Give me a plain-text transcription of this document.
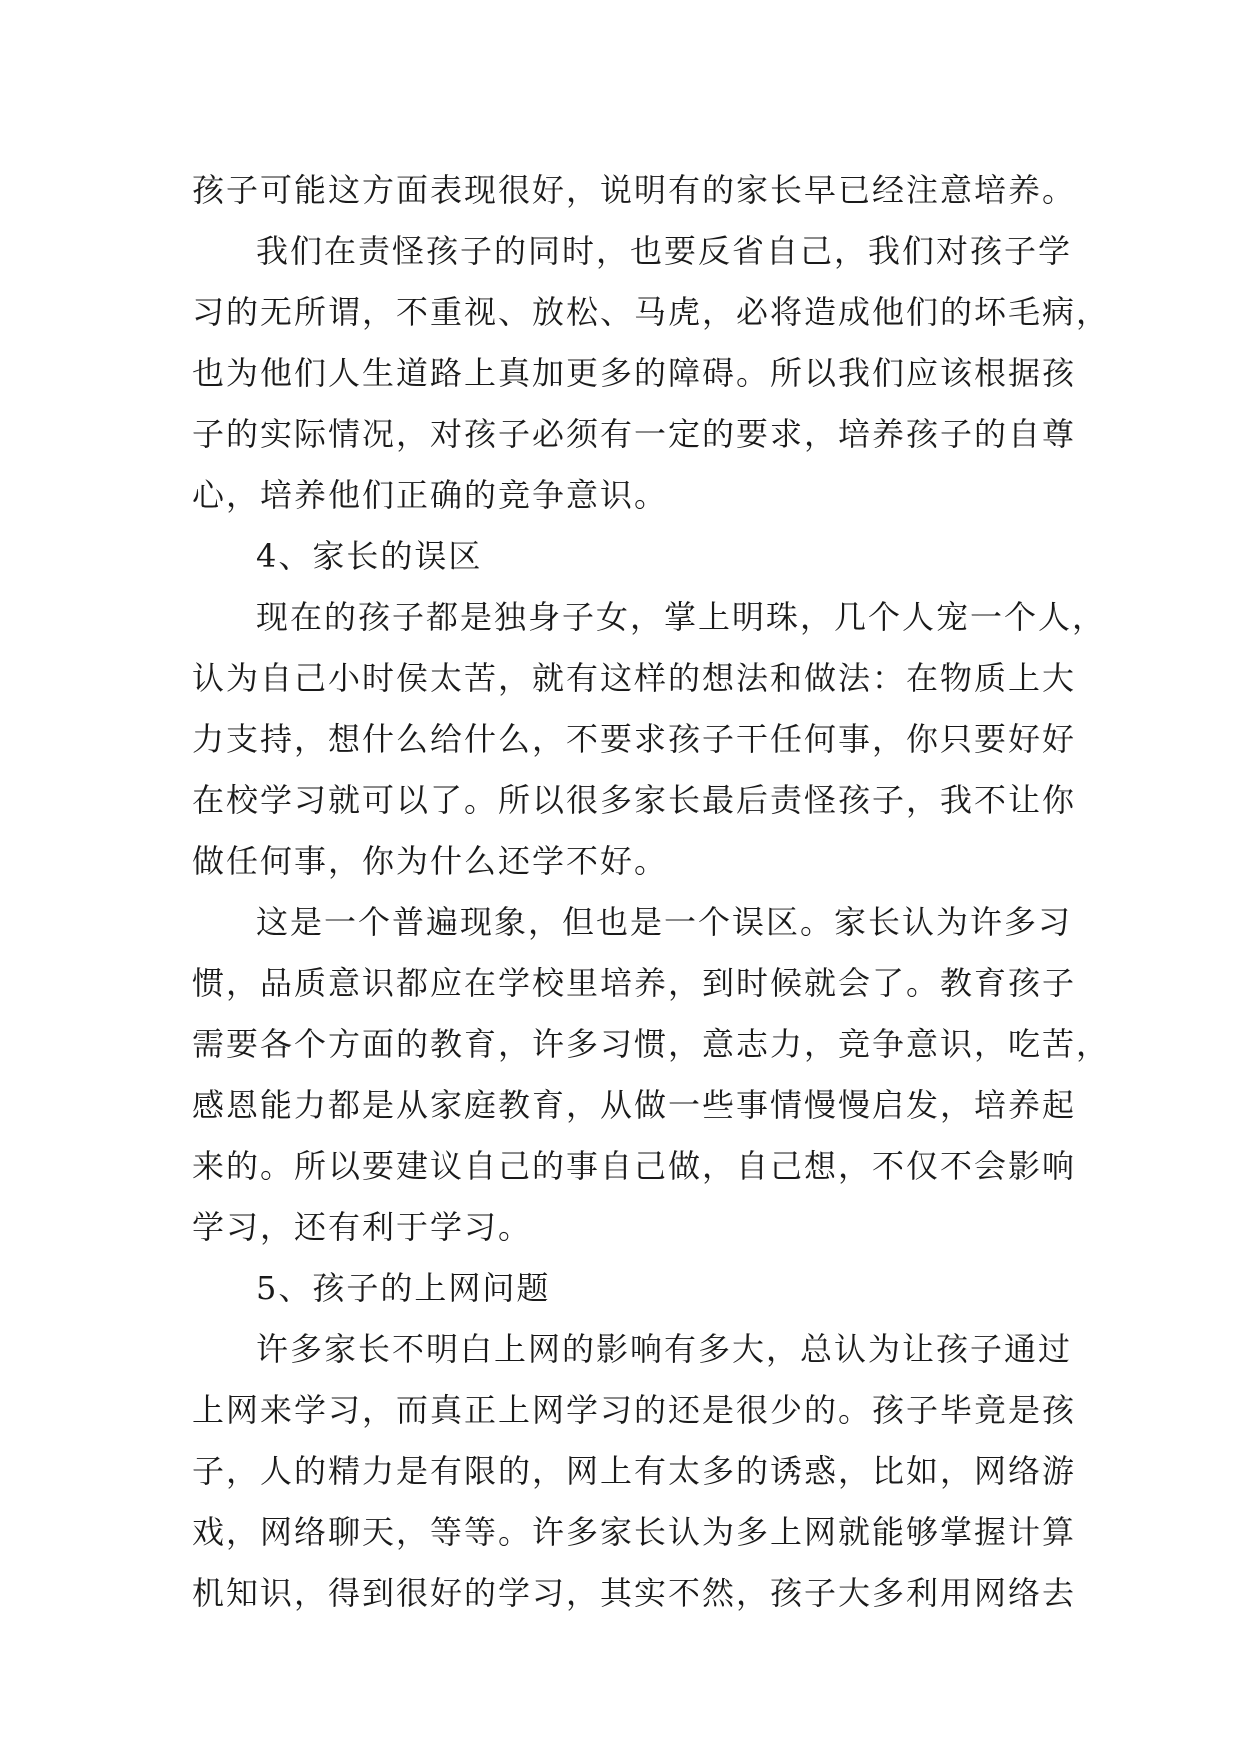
孩子可能这方面表现很好，说明有的家长早已经注意培养。
我们在责怪孩子的同时，也要反省自己，我们对孩子学
习的无所谓，不重视、放松、马虎，必将造成他们的坏毛病，
也为他们人生道路上真加更多的障碍。所以我们应该根据孩
子的实际情况，对孩子必须有一定的要求，培养孩子的自尊
心，培养他们正确的竞争意识。
4、家长的误区
现在的孩子都是独身子女，掌上明珠，几个人宠一个人，
认为自己小时侯太苦，就有这样的想法和做法：在物质上大
力支持，想什么给什么，不要求孩子干任何事，你只要好好
在校学习就可以了。所以很多家长最后责怪孩子，我不让你
做任何事，你为什么还学不好。
这是一个普遍现象，但也是一个误区。家长认为许多习
惯，品质意识都应在学校里培养，到时候就会了。教育孩子
需要各个方面的教育，许多习惯，意志力，竞争意识，吃苦，
感恩能力都是从家庭教育，从做一些事情慢慢启发，培养起
来的。所以要建议自己的事自己做，自己想，不仅不会影响
学习，还有利于学习。
5、孩子的上网问题
许多家长不明白上网的影响有多大，总认为让孩子通过
上网来学习，而真正上网学习的还是很少的。孩子毕竟是孩
子，人的精力是有限的，网上有太多的诱惑，比如，网络游
戏，网络聊天，等等。许多家长认为多上网就能够掌握计算
机知识，得到很好的学习，其实不然，孩子大多利用网络去
